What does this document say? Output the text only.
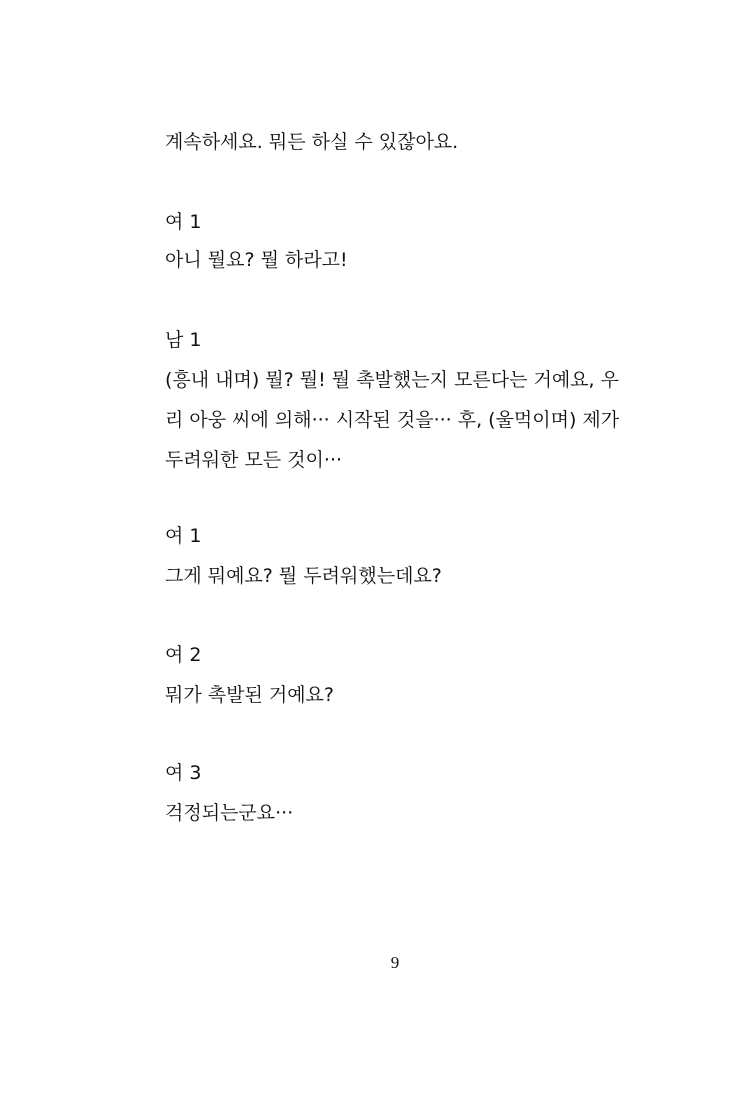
계속하세요. 뭐든 하실 수 있잖아요.

여 1

아니 뭘요? 뭘 하라고!

남 1

(흥내 내며) 뭘? 뭘! 뭘 촉발했는지 모른다는 거예요, 우

리 아웅 씨에 의해··· 시작된 것을··· 후, (울먹이며) 제가

두려워한 모든 것이···

여 1

그게 뭐예요? 뭘 두려워했는데요?

여 2

뭐가 촉발된 거예요?

여 3

걱정되는군요···

9
